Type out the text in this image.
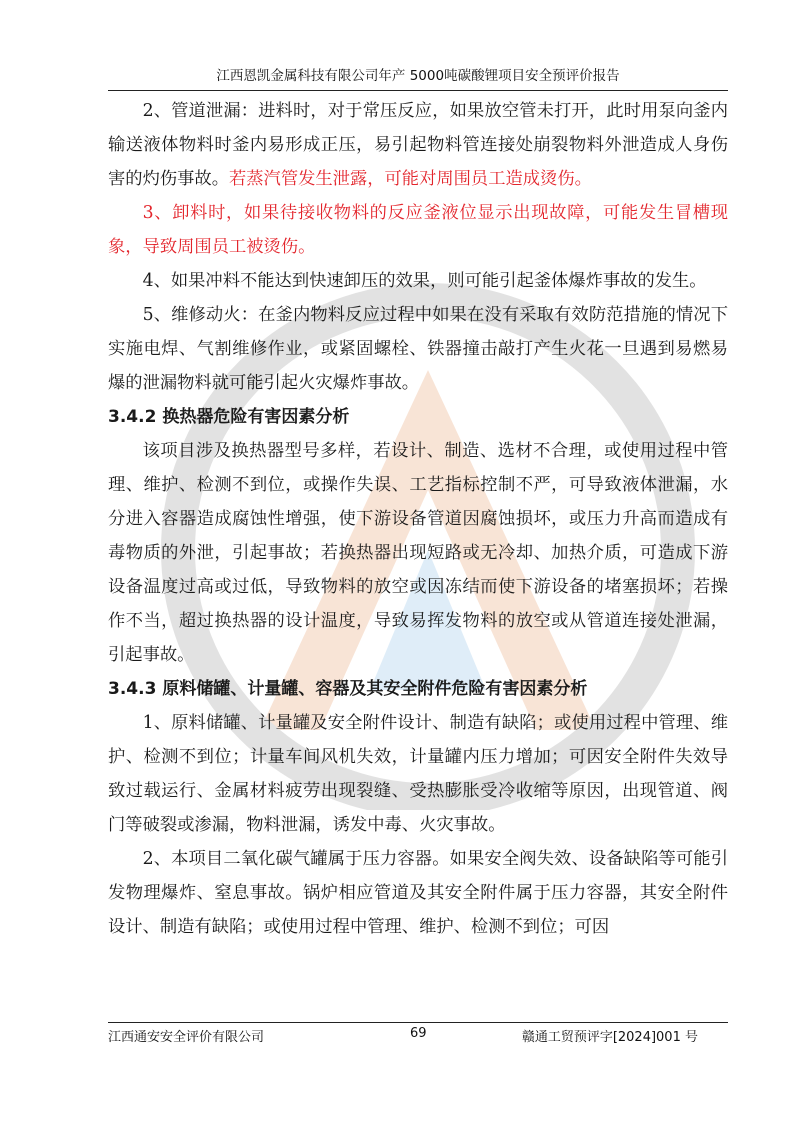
江西恩凯金属科技有限公司年产 5000吨碳酸锂项目安全预评价报告

2、管道泄漏：进料时，对于常压反应，如果放空管未打开，此时用泵向釜内输送液体物料时釜内易形成正压，易引起物料管连接处崩裂物料外泄造成人身伤害的灼伤事故。若蒸汽管发生泄露，可能对周围员工造成烫伤。

3、卸料时，如果待接收物料的反应釜液位显示出现故障，可能发生冒槽现象，导致周围员工被烫伤。

4、如果冲料不能达到快速卸压的效果，则可能引起釜体爆炸事故的发生。

5、维修动火：在釜内物料反应过程中如果在没有采取有效防范措施的情况下实施电焊、气割维修作业，或紧固螺栓、铁器撞击敲打产生火花一旦遇到易燃易爆的泄漏物料就可能引起火灾爆炸事故。

3.4.2 换热器危险有害因素分析

该项目涉及换热器型号多样，若设计、制造、选材不合理，或使用过程中管理、维护、检测不到位，或操作失误、工艺指标控制不严，可导致液体泄漏，水分进入容器造成腐蚀性增强，使下游设备管道因腐蚀损坏，或压力升高而造成有毒物质的外泄，引起事故；若换热器出现短路或无冷却、加热介质，可造成下游设备温度过高或过低，导致物料的放空或因冻结而使下游设备的堵塞损坏；若操作不当，超过换热器的设计温度，导致易挥发物料的放空或从管道连接处泄漏，引起事故。

3.4.3 原料储罐、计量罐、容器及其安全附件危险有害因素分析

1、原料储罐、计量罐及安全附件设计、制造有缺陷；或使用过程中管理、维护、检测不到位；计量车间风机失效，计量罐内压力增加；可因安全附件失效导致过载运行、金属材料疲劳出现裂缝、受热膨胀受冷收缩等原因，出现管道、阀门等破裂或渗漏，物料泄漏，诱发中毒、火灾事故。

2、本项目二氧化碳气罐属于压力容器。如果安全阀失效、设备缺陷等可能引发物理爆炸、窒息事故。锅炉相应管道及其安全附件属于压力容器，其安全附件设计、制造有缺陷；或使用过程中管理、维护、检测不到位；可因

江西通安安全评价有限公司	69	赣通工贸预评字[2024]001 号
